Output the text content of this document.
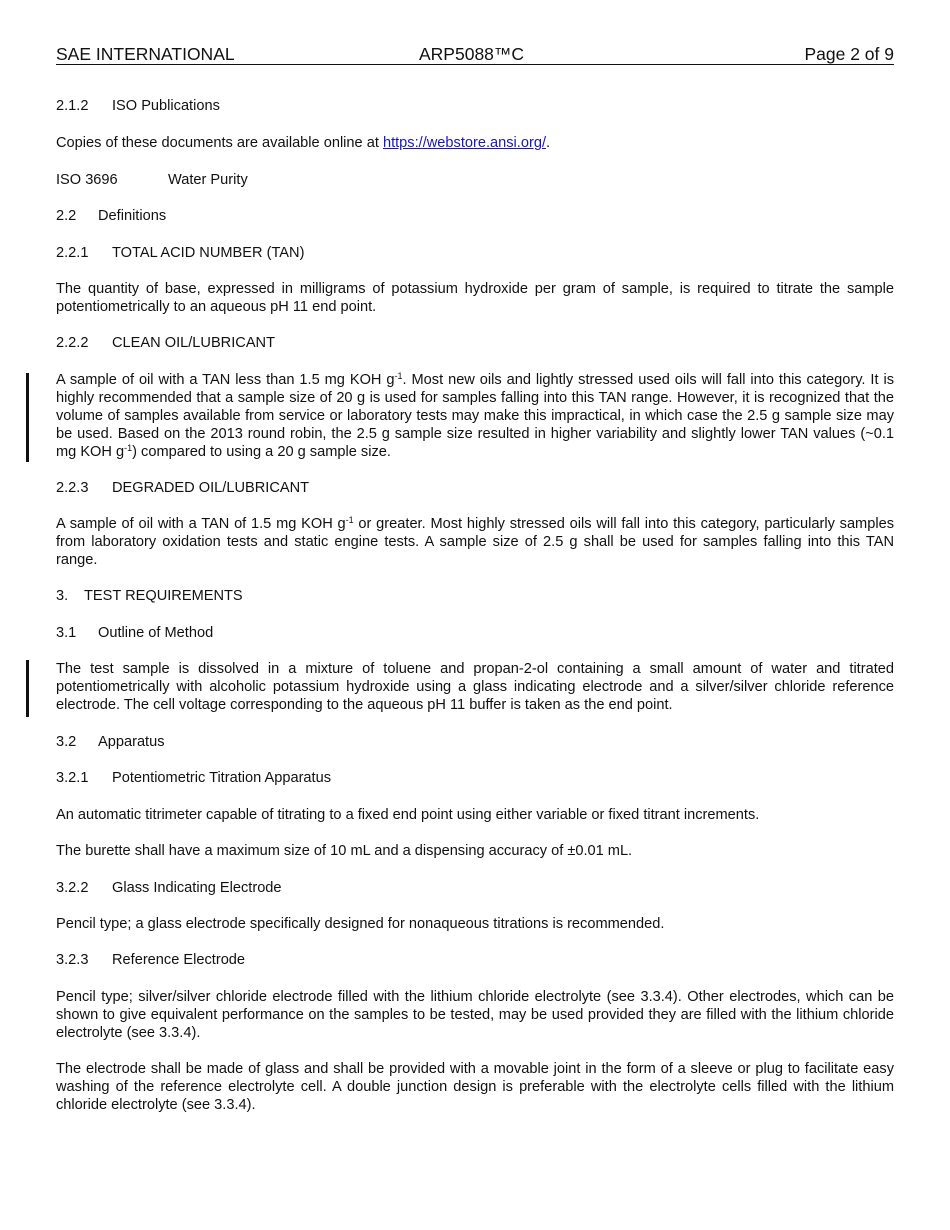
SAE INTERNATIONAL	ARP5088™C	Page 2 of 9
2.1.2 ISO Publications
Copies of these documents are available online at https://webstore.ansi.org/.
ISO 3696	Water Purity
2.2 Definitions
2.2.1 TOTAL ACID NUMBER (TAN)
The quantity of base, expressed in milligrams of potassium hydroxide per gram of sample, is required to titrate the sample potentiometrically to an aqueous pH 11 end point.
2.2.2 CLEAN OIL/LUBRICANT
A sample of oil with a TAN less than 1.5 mg KOH $g^{-1}$. Most new oils and lightly stressed used oils will fall into this category. It is highly recommended that a sample size of 20 g is used for samples falling into this TAN range. However, it is recognized that the volume of samples available from service or laboratory tests may make this impractical, in which case the 2.5 g sample size may be used. Based on the 2013 round robin, the 2.5 g sample size resulted in higher variability and slightly lower TAN values (~0.1 mg KOH $g^{-1}$) compared to using a 20 g sample size.
2.2.3 DEGRADED OIL/LUBRICANT
A sample of oil with a TAN of 1.5 mg KOH $g^{-1}$ or greater. Most highly stressed oils will fall into this category, particularly samples from laboratory oxidation tests and static engine tests. A sample size of 2.5 g shall be used for samples falling into this TAN range.
3. TEST REQUIREMENTS
3.1 Outline of Method
The test sample is dissolved in a mixture of toluene and propan-2-ol containing a small amount of water and titrated potentiometrically with alcoholic potassium hydroxide using a glass indicating electrode and a silver/silver chloride reference electrode. The cell voltage corresponding to the aqueous pH 11 buffer is taken as the end point.
3.2 Apparatus
3.2.1 Potentiometric Titration Apparatus
An automatic titrimeter capable of titrating to a fixed end point using either variable or fixed titrant increments.
The burette shall have a maximum size of 10 mL and a dispensing accuracy of ±0.01 mL.
3.2.2 Glass Indicating Electrode
Pencil type; a glass electrode specifically designed for nonaqueous titrations is recommended.
3.2.3 Reference Electrode
Pencil type; silver/silver chloride electrode filled with the lithium chloride electrolyte (see 3.3.4). Other electrodes, which can be shown to give equivalent performance on the samples to be tested, may be used provided they are filled with the lithium chloride electrolyte (see 3.3.4).
The electrode shall be made of glass and shall be provided with a movable joint in the form of a sleeve or plug to facilitate easy washing of the reference electrolyte cell. A double junction design is preferable with the electrolyte cells filled with the lithium chloride electrolyte (see 3.3.4).
